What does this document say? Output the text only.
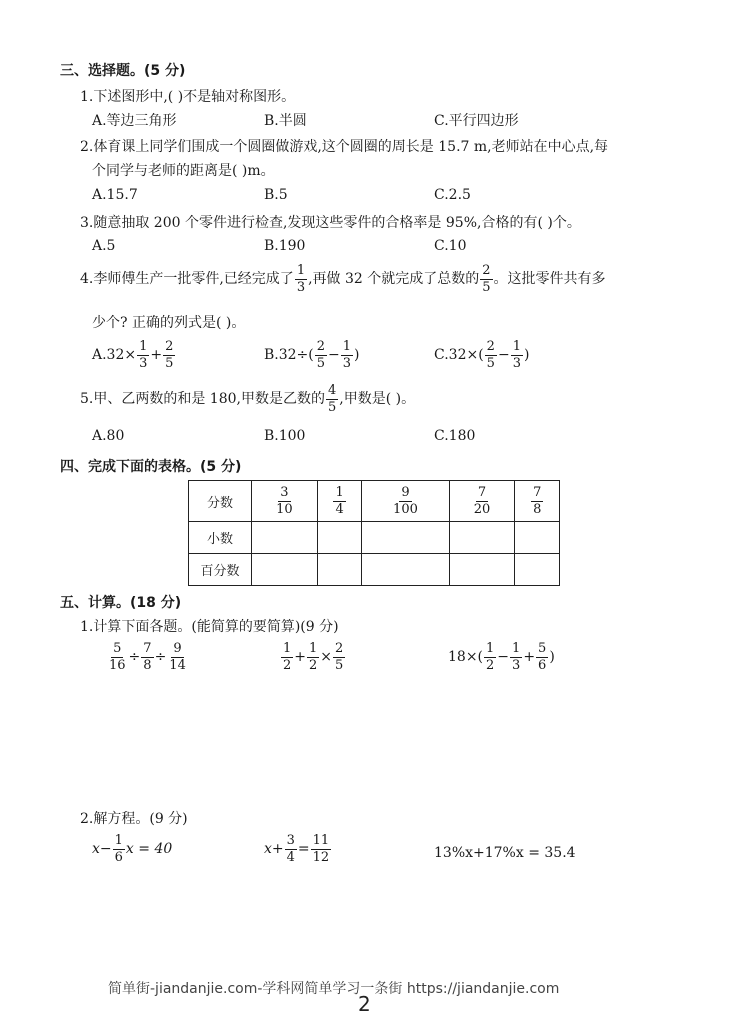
三、选择题。(5 分)
1.下述图形中,( )不是轴对称图形。
A.等边三角形	B.半圆	C.平行四边形
2.体育课上同学们围成一个圆圈做游戏,这个圆圈的周长是 15.7 m,老师站在中心点,每
个同学与老师的距离是( )m。
A.15.7	B.5	C.2.5
3.随意抽取 200 个零件进行检查,发现这些零件的合格率是 95%,合格的有( )个。
A.5	B.190	C.10
4.李师傅生产一批零件,已经完成了 $\frac{1}{3}$ ,再做 32 个就完成了总数的 $\frac{2}{5}$ 。这批零件共有多
少个? 正确的列式是( )。
$A.32\times \frac{1}{3} + \frac{2}{5}$	$B.32\div( \frac{2}{5} - \frac{1}{3}$ )	$C.32\times( \frac{2}{5} - \frac{1}{3}$ )
5.甲、乙两数的和是 180,甲数是乙数的 $\frac{4}{5}$ ,甲数是( )。
A.80	B.100	C.180
四、完成下面的表格。(5 分)
分数	$\frac{3}{10}$	$\frac{1}{4}$	$\frac{9}{100}$	$\frac{7}{20}$	$\frac{7}{8}$

小数					
百分数					
五、计算。(18 分)
1.计算下面各题。(能简算的要简算)(9 分)
$\frac{5}{16} \div \frac{7}{8} \div \frac{9}{14}$	$\frac{1}{2} + \frac{1}{2} \times \frac{2}{5}$	$18\times( \frac{1}{2} - \frac{1}{3} + \frac{5}{6}$ )
2.解方程。(9 分)
$x- \frac{1}{6}$ x = 40	$x+ \frac{3}{4} = \frac{11}{12}$	13%x+17%x = 35.4
简单街-jiandanjie.com-学科网简单学习一条街 https://jiandanjie.com
2
